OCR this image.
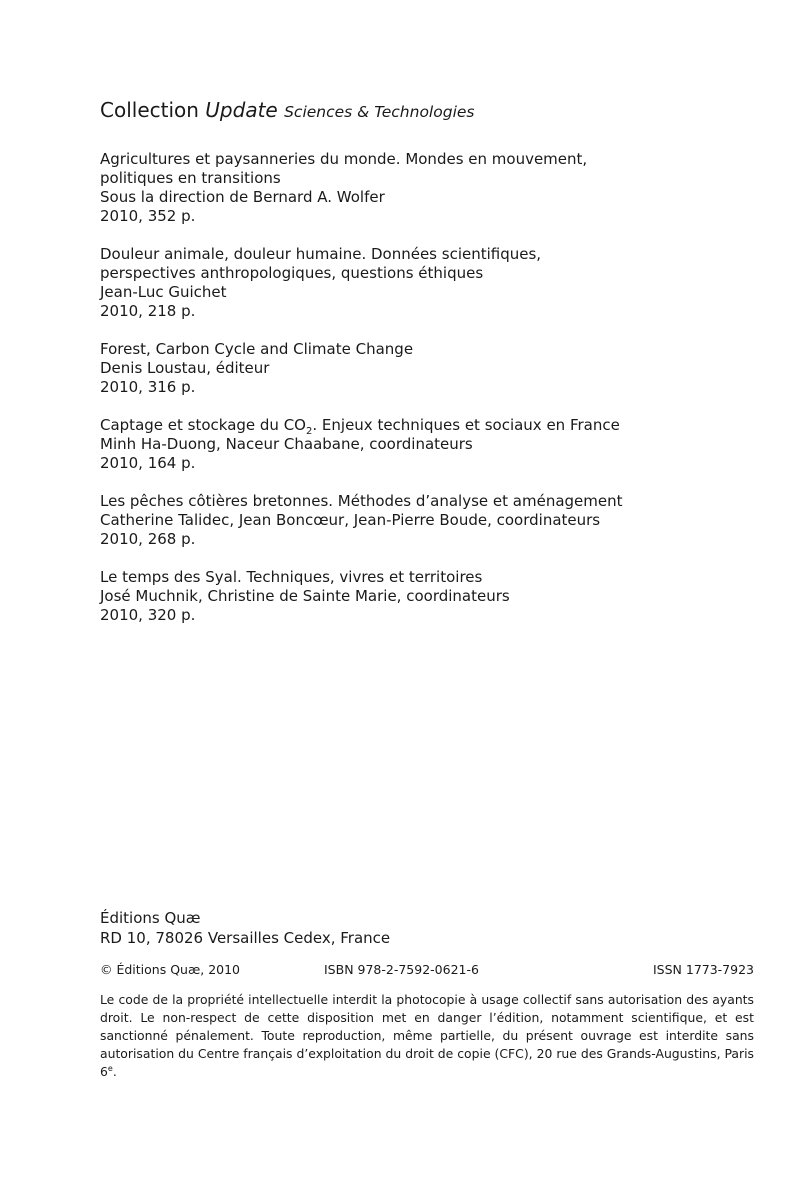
Collection Update Sciences & Technologies
Agricultures et paysanneries du monde. Mondes en mouvement,
politiques en transitions
Sous la direction de Bernard A. Wolfer
2010, 352 p.
Douleur animale, douleur humaine. Données scientifiques,
perspectives anthropologiques, questions éthiques
Jean-Luc Guichet
2010, 218 p.
Forest, Carbon Cycle and Climate Change
Denis Loustau, éditeur
2010, 316 p.
Captage et stockage du $CO_2$. Enjeux techniques et sociaux en France
Minh Ha-Duong, Naceur Chaabane, coordinateurs
2010, 164 p.
Les pêches côtières bretonnes. Méthodes d’analyse et aménagement
Catherine Talidec, Jean Boncœur, Jean-Pierre Boude, coordinateurs
2010, 268 p.
Le temps des Syal. Techniques, vivres et territoires
José Muchnik, Christine de Sainte Marie, coordinateurs
2010, 320 p.
Éditions Quæ
RD 10, 78026 Versailles Cedex, France
© Éditions Quæ, 2010	ISBN 978-2-7592-0621-6	ISSN 1773-7923
Le code de la propriété intellectuelle interdit la photocopie à usage collectif sans autorisation des ayants droit. Le non-respect de cette disposition met en danger l’édition, notamment scientifique, et est sanctionné pénalement. Toute reproduction, même partielle, du présent ouvrage est interdite sans autorisation du Centre français d’exploitation du droit de copie (CFC), 20 rue des Grands-Augustins, Paris 6e.
